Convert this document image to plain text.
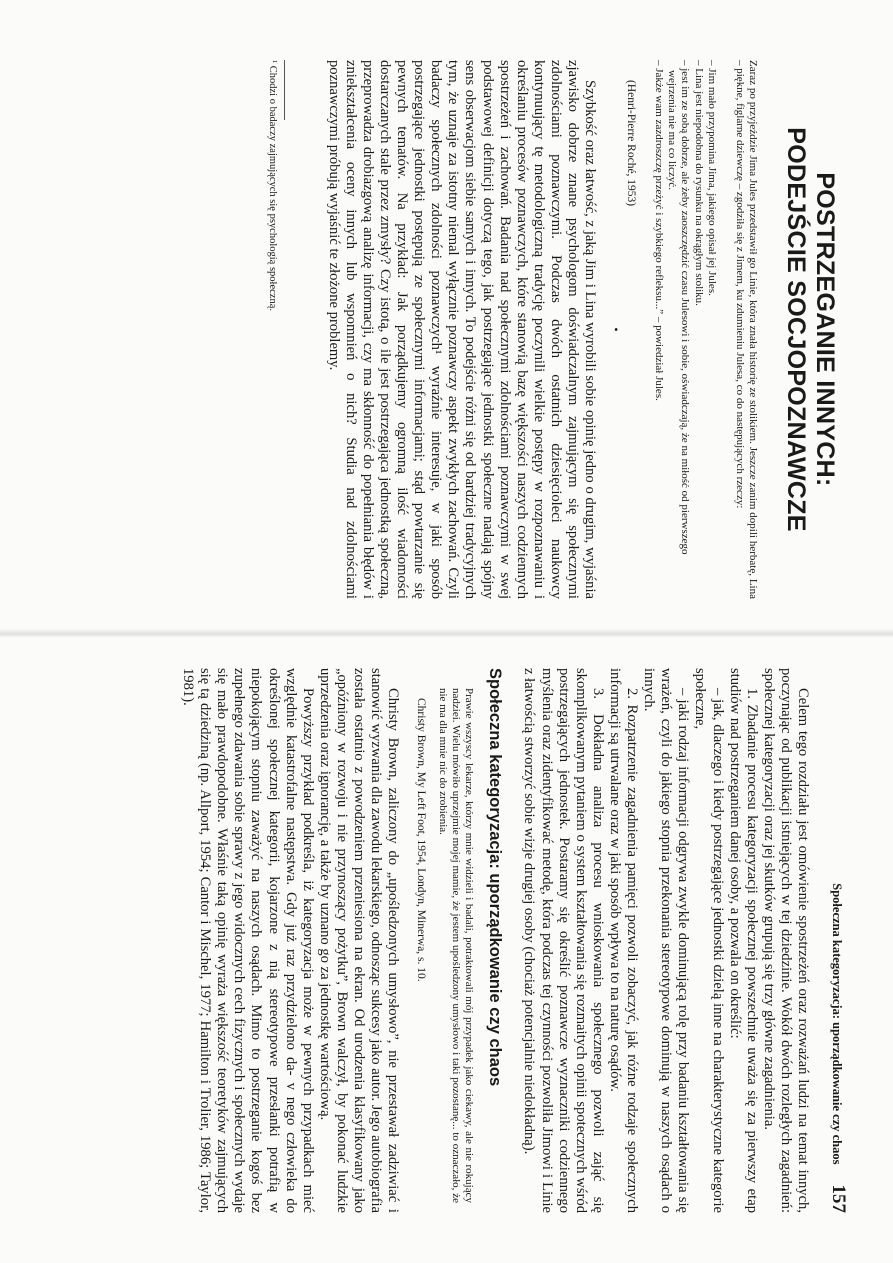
POSTRZEGANIE INNYCH:
PODEJŚCIE SOCJOPOZNAWCZE

Zaraz po przyjeździe Jima Jules przedstawił go Linie, która znała historię ze stolikiem. Jeszcze zanim dopili herbatę, Lina – piękne, figlarne dziewczę – zgodziła się z Jimem, ku zdumieniu Julesa, co do następujących rzeczy:

– Jim mało przypomina Jima, jakiego opisał jej Jules.
– Lina jest niepodobna do rysunku na okrągłym stoliku.
– jest im ze sobą dobrze, ale żeby zaoszczędzić czasu Julesowi i sobie, oświadczają, że na miłość od pierwszego wejrzenia nie ma co liczyć.
– Jakże wam zazdroszczę przeżyć i szybkiego refleksu...” – powiedział Jules.

(Henri-Pierre Roché, 1953)

•

Szybkość oraz łatwość, z jaką Jim i Lina wyrobili sobie opinię jedno o drugim, wyjaśnia zjawisko dobrze znane psychologom doświadczalnym zajmującym się społecznymi zdolnościami poznawczymi. Podczas dwóch ostatnich dziesięcioleci naukowcy kontynuujący tę metodologiczną tradycję poczynili wielkie postępy w rozpoznawaniu i określaniu procesów poznawczych, które stanowią bazę większości naszych codziennych spostrzeżeń i zachowań. Badania nad społecznymi zdolnościami poznawczymi w swej podstawowej definicji dotyczą tego, jak postrzegające jednostki społeczne nadają spójny sens obserwacjom siebie samych i innych. To podejście różni się od bardziej tradycyjnych tym, że uznaje za istotny niemal wyłącznie poznawczy aspekt zwykłych zachowań. Czyli badaczy społecznych zdolności poznawczych¹ wyraźnie interesuje, w jaki sposób postrzegające jednostki postępują ze społecznymi informacjami; stąd powtarzanie się pewnych tematów. Na przykład: Jak porządkujemy ogromną ilość wiadomości dostarczanych stale przez zmysły? Czy istotą, o ile jest postrzegająca jednostką społeczną, przeprowadza drobiazgową analizę informacji, czy ma skłonność do popełniania błędów i zniekształcenia oceny innych lub wspomnień o nich? Studia nad zdolnościami poznawczymi próbują wyjaśnić te złożone problemy.

¹ Chodzi o badaczy zajmujących się psychologią społeczną.

Społeczna kategoryzacja: uporządkowanie czy chaos
157

Celem tego rozdziału jest omówienie spostrzeżeń oraz rozważań ludzi na temat innych, poczynając od publikacji istniejących w tej dziedzinie. Wokół dwóch rozległych zagadnień: społecznej kategoryzacji oraz jej skutków grupują się trzy główne zagadnienia.

1. Zbadanie procesu kategoryzacji społecznej powszechnie uważa się za pierwszy etap studiów nad postrzeganiem danej osoby, a pozwala on określić:

– jak, dlaczego i kiedy postrzegające jednostki dzielą inne na charakterystyczne kategorie społeczne,

– jaki rodzaj informacji odgrywa zwykle dominującą rolę przy badaniu kształtowania się wrażeń, czyli do jakiego stopnia przekonania stereotypowe dominują w naszych osądach o innych.

2. Rozpatrzenie zagadnienia pamięci pozwoli zobaczyć, jak różne rodzaje społecznych informacji są utrwalane oraz w jaki sposób wpływa to na naturę osądów.

3. Dokładna analiza procesu wnioskowania społecznego pozwoli zająć się skomplikowanym pytaniem o system kształtowania się rozmaitych opinii spotecznych wśród postrzegających jednostek. Postaramy się określić poznawcze wyznaczniki codziennego myślenia oraz zidentyfikować metodę, która podczas tej czynności pozwoliła Jimowi i Linie z łatwością stworzyć sobie wizje drugiej osoby (chociaż potencjalnie niedokładną).

Społeczna kategoryzacja: uporządkowanie czy chaos

Prawie wszyscy lekarze, którzy mnie widzieli i badali, potraktowali mój przypadek jako ciekawy, ale nie rokujący nadziei. Wielu mówiło uprzejmie mojej mamie, że jestem upośledzony umysłowo i taki pozostanę... to oznaczało, że nie ma dla mnie nic do zrobienia.

Christy Brown, My Left Foot, 1954, Londyn, Minerwa, s. 10.

Christy Brown, zaliczony do „upośledzonych umysłowo”, nie przestawał zadziwiać i stanowić wyzwania dla zawodu lekarskiego, odnosząc sukcesy jako autor. Jego autobiografia została ostatnio z powodzeniem przeniesiona na ekran. Od urodzenia klasyfikowany jako „opóźniony w rozwoju i nie przynoszący pożytku”, Brown walczył, by pokonać ludzkie uprzedzenia oraz ignorancję, a także by uznano go za jednostkę wartościową.

Powyższy przykład podkreśla, iż kategoryzacja może w pewnych przypadkach mieć względnie katastrofalne następstwa. Gdy już raz przydzielono da- v nego człowieka do określonej społecznej kategorii, kojarzone z nią stereotypowe przesłanki potrafią w niepokojącym stopniu zaważyć na naszych osądach. Mimo to postrzeganie kogoś bez zupełnego zdawania sobie sprawy z jego widocznych cech fizycznych i społecznych wydaje się mało prawdopodobne. Właśnie taką opinię wyraża większość teoretyków zajmujących się tą dziedziną (np. Allport, 1954; Cantor i Mischel, 1977; Hamilton i Trolier, 1986; Taylor, 1981).
